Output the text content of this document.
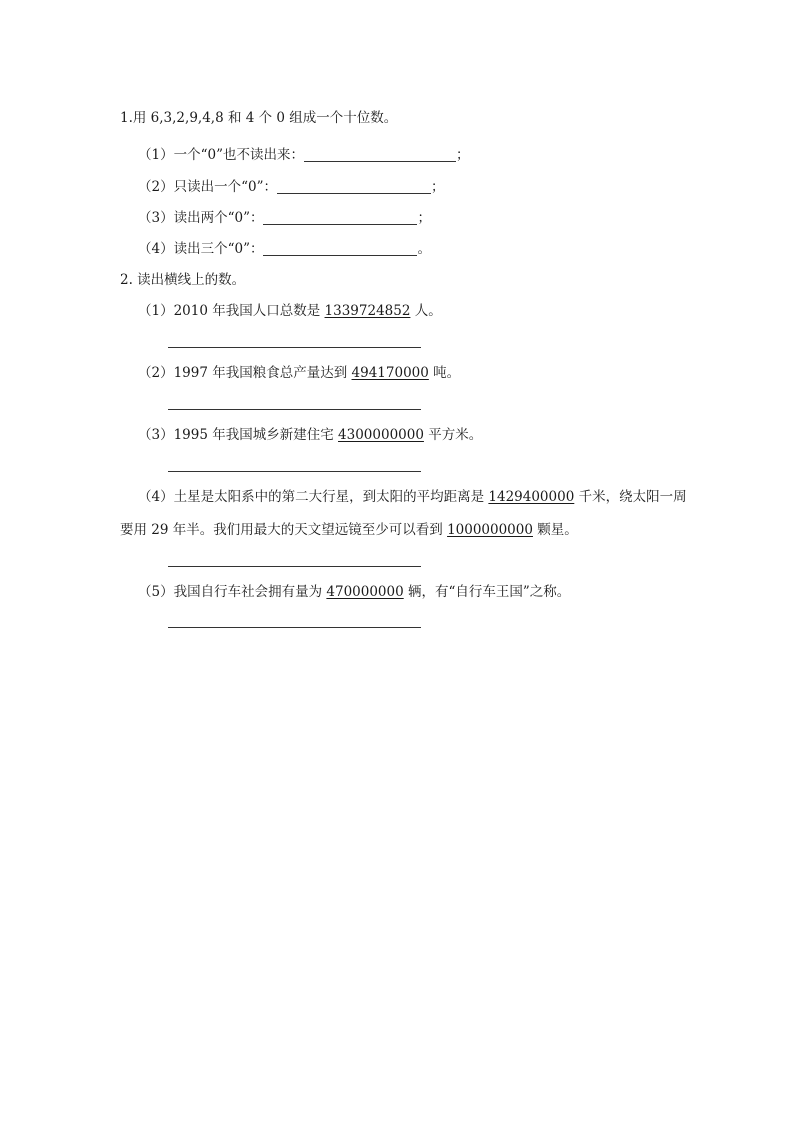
1.用 6,3,2,9,4,8 和 4 个 0 组成一个十位数。
（1）一个“0”也不读出来：	；
（2）只读出一个“0”：	；
（3）读出两个“0”：	；
（4）读出三个“0”：	。
2. 读出横线上的数。
（1）2010 年我国人口总数是 1339724852 人。
（2）1997 年我国粮食总产量达到 494170000 吨。
（3）1995 年我国城乡新建住宅 4300000000 平方米。
（4）土星是太阳系中的第二大行星，到太阳的平均距离是 1429400000 千米，绕太阳一周
要用 29 年半。我们用最大的天文望远镜至少可以看到 1000000000 颗星。
（5）我国自行车社会拥有量为 470000000 辆，有“自行车王国”之称。
